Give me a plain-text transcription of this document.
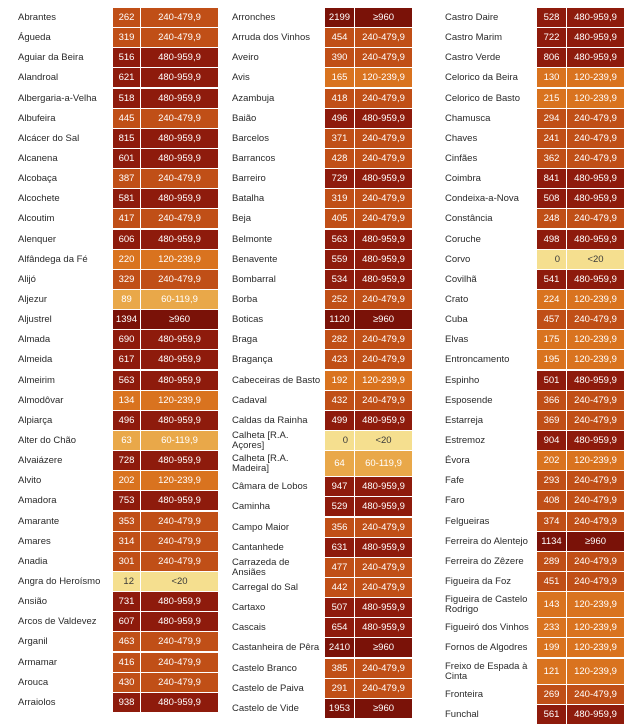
Abrantes	262	240-479,9
Águeda	319	240-479,9
Aguiar da Beira	516	480-959,9
Alandroal	621	480-959,9
Albergaria-a-Velha	518	480-959,9
Albufeira	445	240-479,9
Alcácer do Sal	815	480-959,9
Alcanena	601	480-959,9
Alcobaça	387	240-479,9
Alcochete	581	480-959,9
Alcoutim	417	240-479,9
Alenquer	606	480-959,9
Alfândega da Fé	220	120-239,9
Alijó	329	240-479,9
Aljezur	89	60-119,9
Aljustrel	1394	≥960
Almada	690	480-959,9
Almeida	617	480-959,9
Almeirim	563	480-959,9
Almodôvar	134	120-239,9
Alpiarça	496	480-959,9
Alter do Chão	63	60-119,9
Alvaiázere	728	480-959,9
Alvito	202	120-239,9
Amadora	753	480-959,9
Amarante	353	240-479,9
Amares	314	240-479,9
Anadia	301	240-479,9
Angra do Heroísmo	12	<20
Ansião	731	480-959,9
Arcos de Valdevez	607	480-959,9
Arganil	463	240-479,9
Armamar	416	240-479,9
Arouca	430	240-479,9
Arraiolos	938	480-959,9
Arronches	2199	≥960
Arruda dos Vinhos	454	240-479,9
Aveiro	390	240-479,9
Avis	165	120-239,9
Azambuja	418	240-479,9
Baião	496	480-959,9
Barcelos	371	240-479,9
Barrancos	428	240-479,9
Barreiro	729	480-959,9
Batalha	319	240-479,9
Beja	405	240-479,9
Belmonte	563	480-959,9
Benavente	559	480-959,9
Bombarral	534	480-959,9
Borba	252	240-479,9
Boticas	1120	≥960
Braga	282	240-479,9
Bragança	423	240-479,9
Cabeceiras de Basto	192	120-239,9
Cadaval	432	240-479,9
Caldas da Rainha	499	480-959,9
Calheta [R.A. Açores]	0	<20
Calheta [R.A. Madeira]	64	60-119,9
Câmara de Lobos	947	480-959,9
Caminha	529	480-959,9
Campo Maior	356	240-479,9
Cantanhede	631	480-959,9
Carrazeda de Ansiães	477	240-479,9
Carregal do Sal	442	240-479,9
Cartaxo	507	480-959,9
Cascais	654	480-959,9
Castanheira de Pêra	2410	≥960
Castelo Branco	385	240-479,9
Castelo de Paiva	291	240-479,9
Castelo de Vide	1953	≥960
Castro Daire	528	480-959,9
Castro Marim	722	480-959,9
Castro Verde	806	480-959,9
Celorico da Beira	130	120-239,9
Celorico de Basto	215	120-239,9
Chamusca	294	240-479,9
Chaves	241	240-479,9
Cinfães	362	240-479,9
Coimbra	841	480-959,9
Condeixa-a-Nova	508	480-959,9
Constância	248	240-479,9
Coruche	498	480-959,9
Corvo	0	<20
Covilhã	541	480-959,9
Crato	224	120-239,9
Cuba	457	240-479,9
Elvas	175	120-239,9
Entroncamento	195	120-239,9
Espinho	501	480-959,9
Esposende	366	240-479,9
Estarreja	369	240-479,9
Estremoz	904	480-959,9
Évora	202	120-239,9
Fafe	293	240-479,9
Faro	408	240-479,9
Felgueiras	374	240-479,9
Ferreira do Alentejo	1134	≥960
Ferreira do Zêzere	289	240-479,9
Figueira da Foz	451	240-479,9
Figueira de Castelo Rodrigo	143	120-239,9
Figueiró dos Vinhos	233	120-239,9
Fornos de Algodres	199	120-239,9
Freixo de Espada à Cinta	121	120-239,9
Fronteira	269	240-479,9
Funchal	561	480-959,9
